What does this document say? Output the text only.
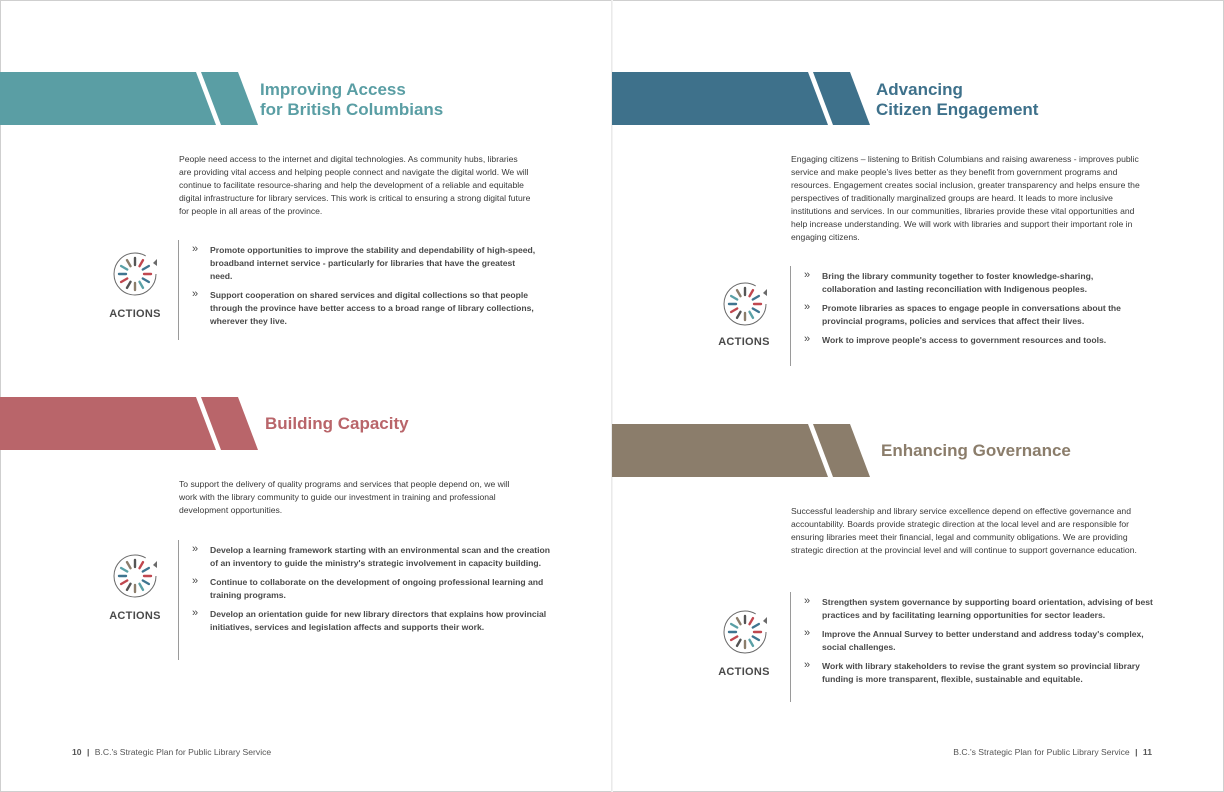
Improving Access
for British Columbians
People need access to the internet and digital technologies. As community hubs, libraries are providing vital access and helping people connect and navigate the digital world. We will continue to facilitate resource-sharing and help the development of a reliable and equitable digital infrastructure for library services. This work is critical to ensuring a strong digital future for people in all areas of the province.
ACTIONS
» Promote opportunities to improve the stability and dependability of high-speed, broadband internet service - particularly for libraries that have the greatest need.
» Support cooperation on shared services and digital collections so that people through the province have better access to a broad range of library collections, wherever they live.
Building Capacity
To support the delivery of quality programs and services that people depend on, we will work with the library community to guide our investment in training and professional development opportunities.
ACTIONS
» Develop a learning framework starting with an environmental scan and the creation of an inventory to guide the ministry's strategic involvement in capacity building.
» Continue to collaborate on the development of ongoing professional learning and training programs.
» Develop an orientation guide for new library directors that explains how provincial initiatives, services and legislation affects and supports their work.
Advancing
Citizen Engagement
Engaging citizens – listening to British Columbians and raising awareness - improves public service and make people's lives better as they benefit from government programs and resources. Engagement creates social inclusion, greater transparency and helps ensure the perspectives of traditionally marginalized groups are heard. It leads to more inclusive institutions and services. In our communities, libraries provide these vital opportunities and help increase understanding. We will work with libraries and support their important role in engaging citizens.
ACTIONS
» Bring the library community together to foster knowledge-sharing, collaboration and lasting reconciliation with Indigenous peoples.
» Promote libraries as spaces to engage people in conversations about the provincial programs, policies and services that affect their lives.
» Work to improve people's access to government resources and tools.
Enhancing Governance
Successful leadership and library service excellence depend on effective governance and accountability. Boards provide strategic direction at the local level and are responsible for ensuring libraries meet their financial, legal and community obligations. We are providing strategic direction at the provincial level and will continue to support governance education.
ACTIONS
» Strengthen system governance by supporting board orientation, advising of best practices and by facilitating learning opportunities for sector leaders.
» Improve the Annual Survey to better understand and address today's complex, social challenges.
» Work with library stakeholders to revise the grant system so provincial library funding is more transparent, flexible, sustainable and equitable.
10 | B.C.'s Strategic Plan for Public Library Service	B.C.'s Strategic Plan for Public Library Service | 11
